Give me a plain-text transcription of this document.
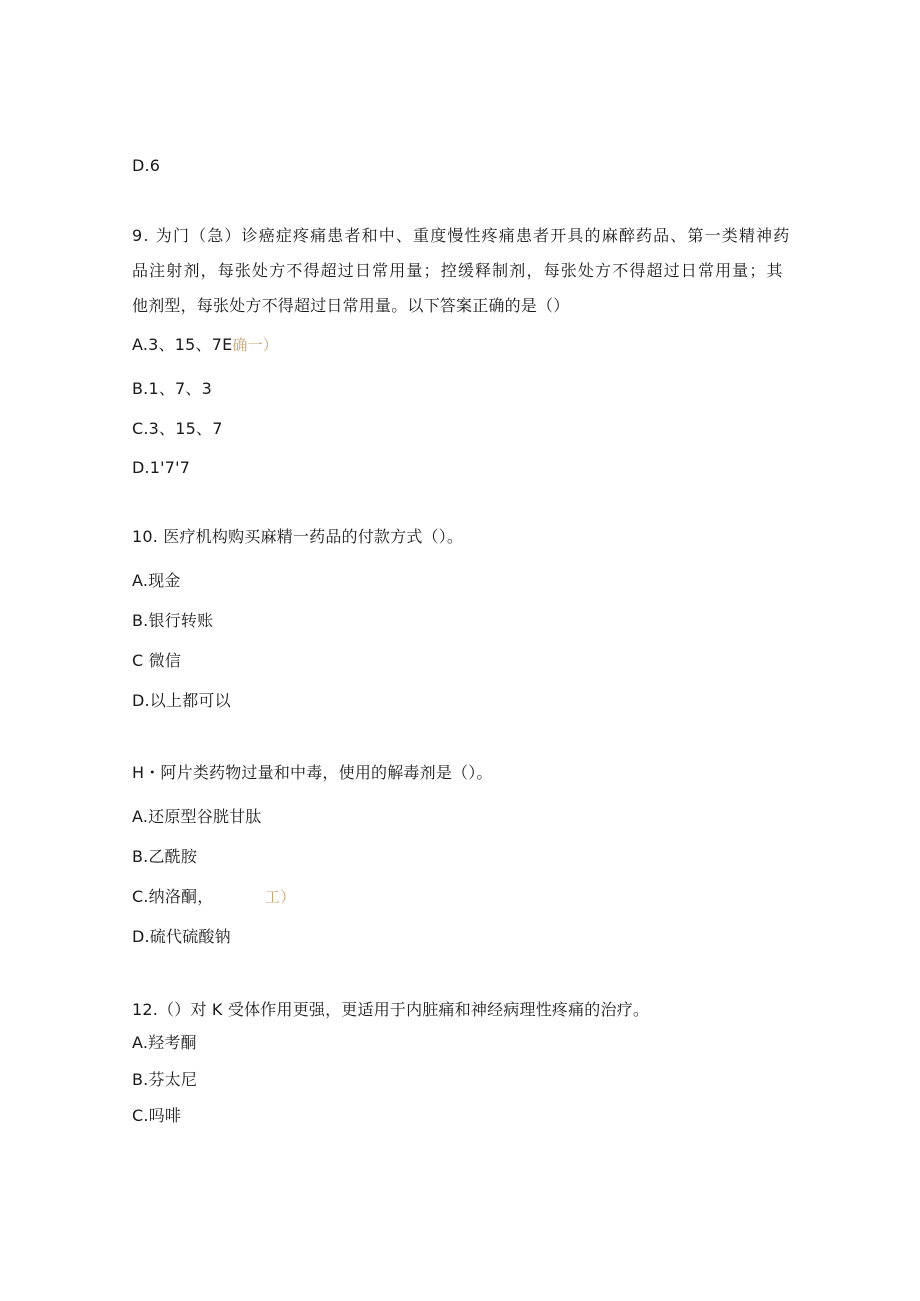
D.6
9. 为门（急）诊癌症疼痛患者和中、重度慢性疼痛患者开具的麻醉药品、第一类精神药
品注射剂，每张处方不得超过日常用量；控缓释制剂，每张处方不得超过日常用量；其
他剂型，每张处方不得超过日常用量。以下答案正确的是（）
A.3、15、7E确一）
B.1、7、3
C.3、15、7
D.1'7'7
10. 医疗机构购买麻精一药品的付款方式（）。
A.现金
B.银行转账
C 微信
D.以上都可以
H・阿片类药物过量和中毒，使用的解毒剂是（）。
A.还原型谷胱甘肽
B.乙酰胺
C.纳洛酮，	工）
D.硫代硫酸钠
12.（）对 K 受体作用更强，更适用于内脏痛和神经病理性疼痛的治疗。
A.羟考酮
B.芬太尼
C.吗啡
